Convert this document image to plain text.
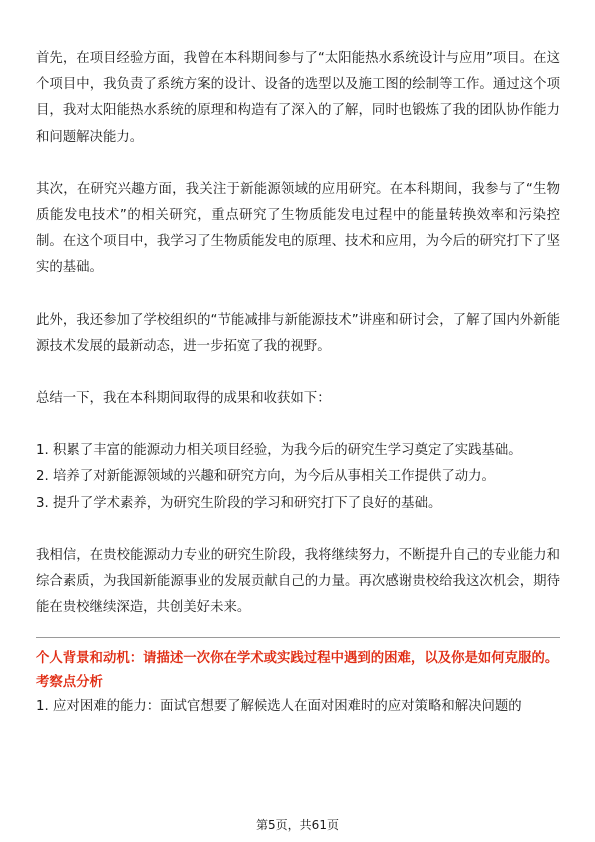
首先，在项目经验方面，我曾在本科期间参与了“太阳能热水系统设计与应用”项目。在这个项目中，我负责了系统方案的设计、设备的选型以及施工图的绘制等工作。通过这个项目，我对太阳能热水系统的原理和构造有了深入的了解，同时也锻炼了我的团队协作能力和问题解决能力。

其次，在研究兴趣方面，我关注于新能源领域的应用研究。在本科期间，我参与了“生物质能发电技术”的相关研究，重点研究了生物质能发电过程中的能量转换效率和污染控制。在这个项目中，我学习了生物质能发电的原理、技术和应用，为今后的研究打下了坚实的基础。

此外，我还参加了学校组织的“节能减排与新能源技术”讲座和研讨会，了解了国内外新能源技术发展的最新动态，进一步拓宽了我的视野。

总结一下，我在本科期间取得的成果和收获如下：

1. 积累了丰富的能源动力相关项目经验，为我今后的研究生学习奠定了实践基础。
2. 培养了对新能源领域的兴趣和研究方向，为今后从事相关工作提供了动力。
3. 提升了学术素养，为研究生阶段的学习和研究打下了良好的基础。

我相信，在贵校能源动力专业的研究生阶段，我将继续努力，不断提升自己的专业能力和综合素质，为我国新能源事业的发展贡献自己的力量。再次感谢贵校给我这次机会，期待能在贵校继续深造，共创美好未来。

个人背景和动机：请描述一次你在学术或实践过程中遇到的困难，以及你是如何克服的。

考察点分析

1. 应对困难的能力：面试官想要了解候选人在面对困难时的应对策略和解决问题的

第5页，共61页
